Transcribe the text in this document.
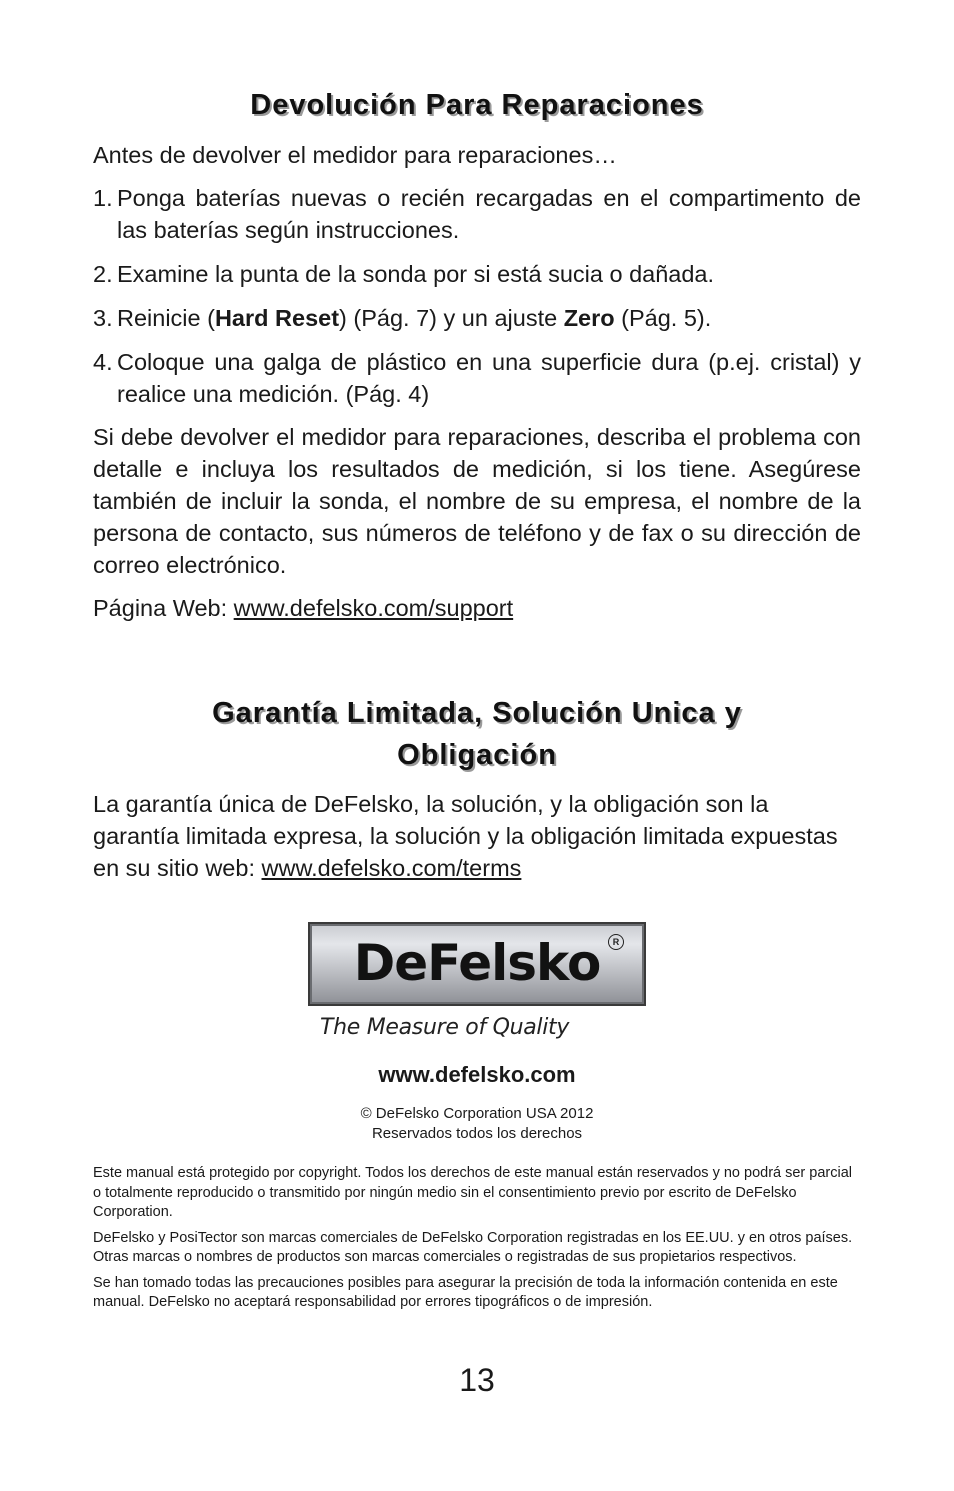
Devolución Para Reparaciones

Antes de devolver el medidor para reparaciones…

1. Ponga baterías nuevas o recién recargadas en el compartimento de las baterías según instrucciones.
2. Examine la punta de la sonda por si está sucia o dañada.
3. Reinicie (Hard Reset) (Pág. 7) y un ajuste Zero (Pág. 5).
4. Coloque una galga de plástico en una superficie dura (p.ej. cristal) y realice una medición. (Pág. 4)

Si debe devolver el medidor para reparaciones, describa el problema con detalle e incluya los resultados de medición, si los tiene. Asegúrese también de incluir la sonda, el nombre de su empresa, el nombre de la persona de contacto, sus números de teléfono y de fax o su dirección de correo electrónico.

Página Web: www.defelsko.com/support

Garantía Limitada, Solución Unica y
Obligación

La garantía única de DeFelsko, la solución, y la obligación son la garantía limitada expresa, la solución y la obligación limitada expuestas en su sitio web: www.defelsko.com/terms

DeFelsko	R
The Measure of Quality
www.defelsko.com
© DeFelsko Corporation USA 2012
Reservados todos los derechos

Este manual está protegido por copyright. Todos los derechos de este manual están reservados y no podrá ser parcial o totalmente reproducido o transmitido por ningún medio sin el consentimiento previo por escrito de DeFelsko Corporation.

DeFelsko y PosiTector son marcas comerciales de DeFelsko Corporation registradas en los EE.UU. y en otros países. Otras marcas o nombres de productos son marcas comerciales o registradas de sus propietarios respectivos.

Se han tomado todas las precauciones posibles para asegurar la precisión de toda la información contenida en este manual. DeFelsko no aceptará responsabilidad por errores tipográficos o de impresión.

13
